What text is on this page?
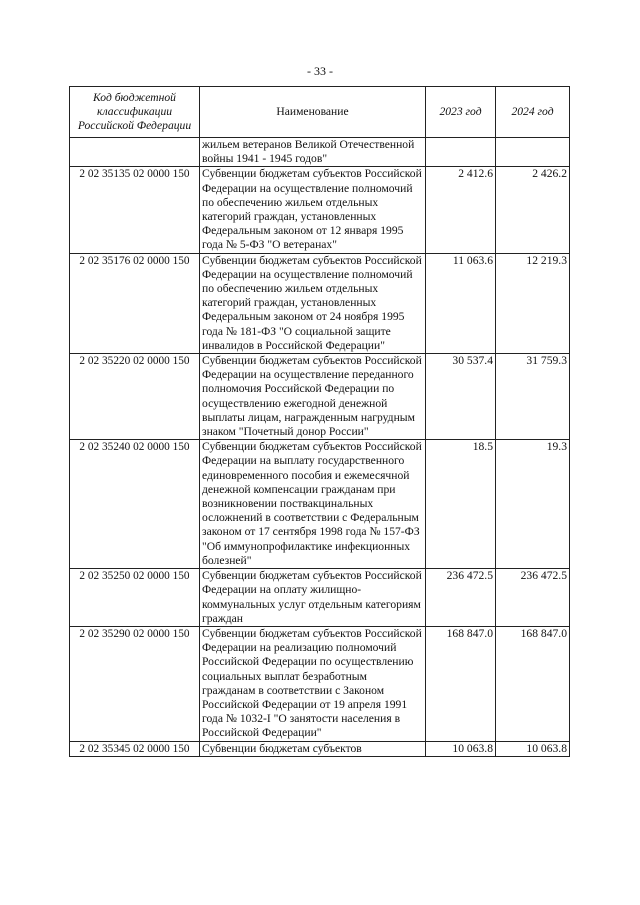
- 33 -
Код бюджетной классификации Российской Федерации	Наименование	2023 год	2024 год
	жильем ветеранов Великой Отечественной войны 1941 - 1945 годов"		
2 02 35135 02 0000 150	Субвенции бюджетам субъектов Российской Федерации на осуществление полномочий по обеспечению жильем отдельных категорий граждан, установленных Федеральным законом от 12 января 1995 года № 5-ФЗ "О ветеранах"	2 412.6	2 426.2
2 02 35176 02 0000 150	Субвенции бюджетам субъектов Российской Федерации на осуществление полномочий по обеспечению жильем отдельных категорий граждан, установленных Федеральным законом от 24 ноября 1995 года № 181-ФЗ "О социальной защите инвалидов в Российской Федерации"	11 063.6	12 219.3
2 02 35220 02 0000 150	Субвенции бюджетам субъектов Российской Федерации на осуществление переданного полномочия Российской Федерации по осуществлению ежегодной денежной выплаты лицам, награжденным нагрудным знаком "Почетный донор России"	30 537.4	31 759.3
2 02 35240 02 0000 150	Субвенции бюджетам субъектов Российской Федерации на выплату государственного единовременного пособия и ежемесячной денежной компенсации гражданам при возникновении поствакцинальных осложнений в соответствии с Федеральным законом от 17 сентября 1998 года № 157-ФЗ "Об иммунопрофилактике инфекционных болезней"	18.5	19.3
2 02 35250 02 0000 150	Субвенции бюджетам субъектов Российской Федерации на оплату жилищно-коммунальных услуг отдельным категориям граждан	236 472.5	236 472.5
2 02 35290 02 0000 150	Субвенции бюджетам субъектов Российской Федерации на реализацию полномочий Российской Федерации по осуществлению социальных выплат безработным гражданам в соответствии с Законом Российской Федерации от 19 апреля 1991 года № 1032-I "О занятости населения в Российской Федерации"	168 847.0	168 847.0
2 02 35345 02 0000 150	Субвенции бюджетам субъектов	10 063.8	10 063.8
